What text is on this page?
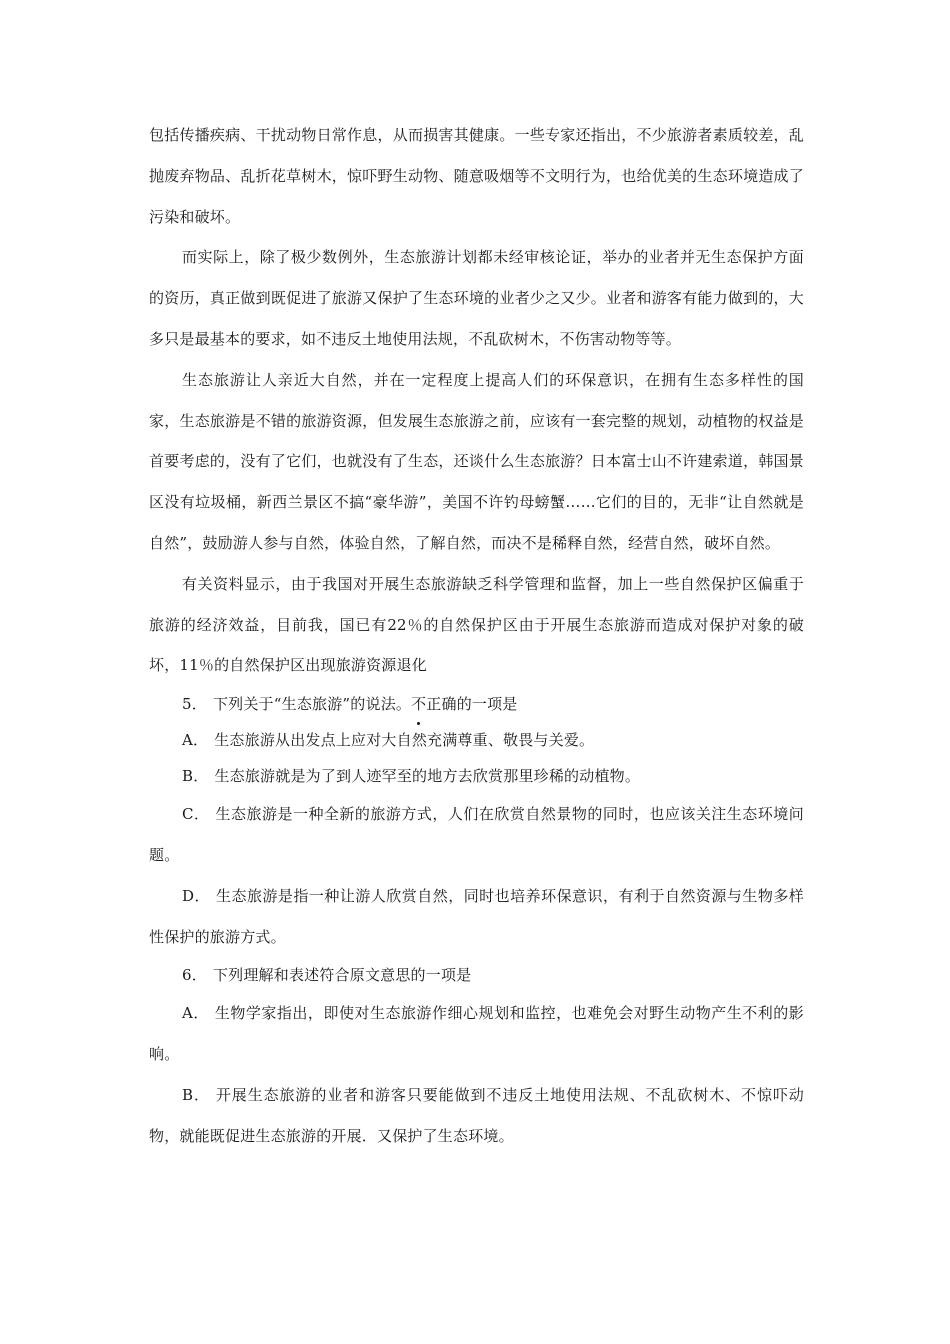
包括传播疾病、干扰动物日常作息，从而损害其健康。一些专家还指出，不少旅游者素质较差，乱抛废弃物品、乱折花草树木，惊吓野生动物、随意吸烟等不文明行为，也给优美的生态环境造成了污染和破坏。

而实际上，除了极少数例外，生态旅游计划都未经审核论证，举办的业者并无生态保护方面的资历，真正做到既促进了旅游又保护了生态环境的业者少之又少。业者和游客有能力做到的，大多只是最基本的要求，如不违反土地使用法规，不乱砍树木，不伤害动物等等。

生态旅游让人亲近大自然，并在一定程度上提高人们的环保意识，在拥有生态多样性的国家，生态旅游是不错的旅游资源，但发展生态旅游之前，应该有一套完整的规划，动植物的权益是首要考虑的，没有了它们，也就没有了生态，还谈什么生态旅游？日本富士山不许建索道，韩国景区没有垃圾桶，新西兰景区不搞“豪华游”，美国不许钓母螃蟹……它们的目的，无非“让自然就是自然”，鼓励游人参与自然，体验自然，了解自然，而决不是稀释自然，经营自然，破坏自然。

有关资料显示，由于我国对开展生态旅游缺乏科学管理和监督，加上一些自然保护区偏重于旅游的经济效益，目前我，国已有22％的自然保护区由于开展生态旅游而造成对保护对象的破坏，11％的自然保护区出现旅游资源退化

5． 下列关于“生态旅游”的说法。不正确的一项是

A． 生态旅游从出发点上应对大自然充满尊重、敬畏与关爱。

B． 生态旅游就是为了到人迹罕至的地方去欣赏那里珍稀的动植物。

C． 生态旅游是一种全新的旅游方式，人们在欣赏自然景物的同时，也应该关注生态环境问题。

D． 生态旅游是指一种让游人欣赏自然，同时也培养环保意识，有利于自然资源与生物多样性保护的旅游方式。

6． 下列理解和表述符合原文意思的一项是

A． 生物学家指出，即使对生态旅游作细心规划和监控，也难免会对野生动物产生不利的影响。

B． 开展生态旅游的业者和游客只要能做到不违反土地使用法规、不乱砍树木、不惊吓动物，就能既促进生态旅游的开展．又保护了生态环境。
